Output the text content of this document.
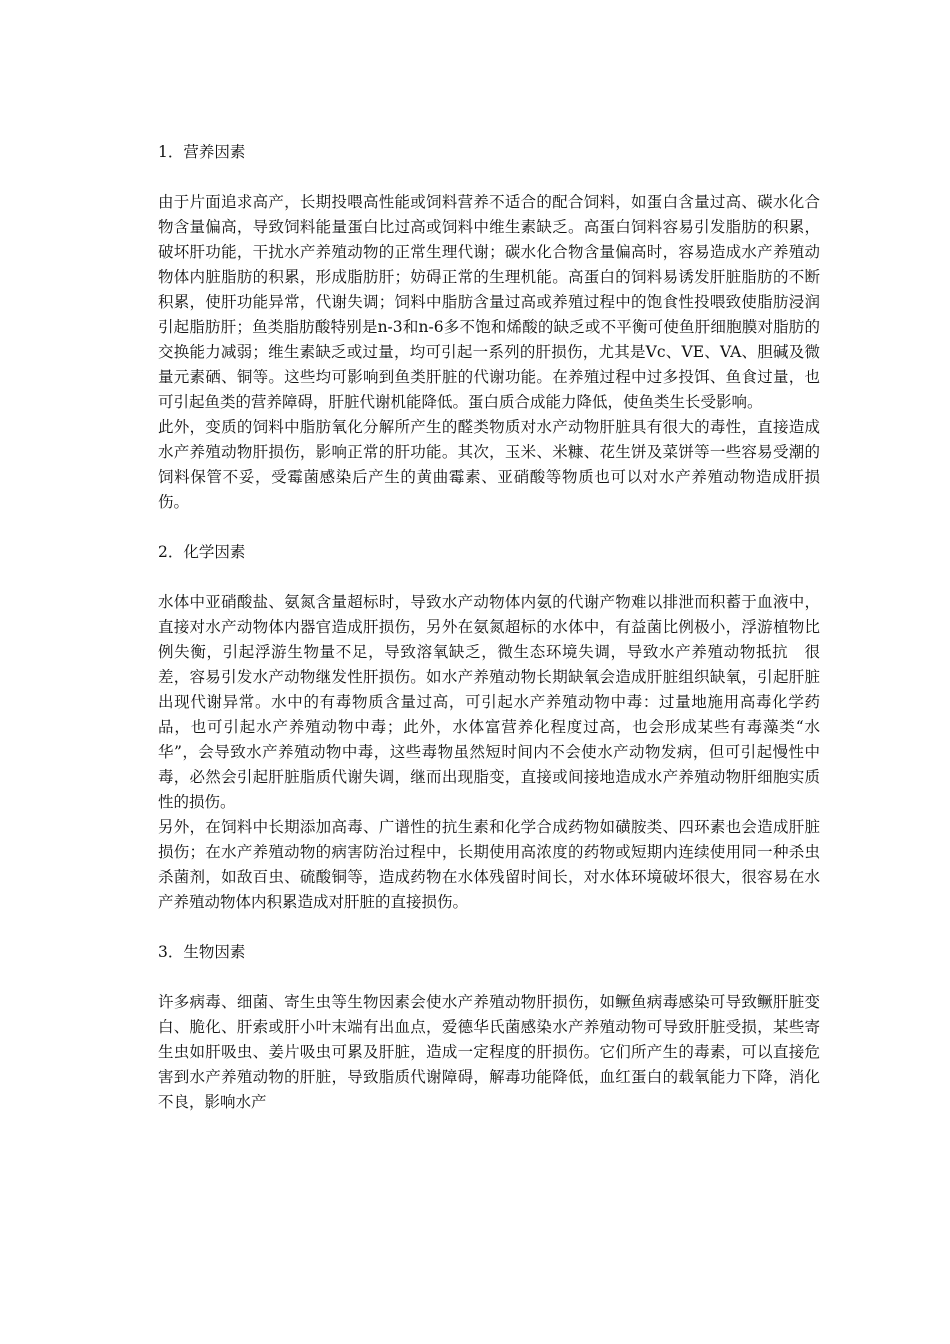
1．营养因素

由于片面追求高产，长期投喂高性能或饲料营养不适合的配合饲料，如蛋白含量过高、碳水化合物含量偏高，导致饲料能量蛋白比过高或饲料中维生素缺乏。高蛋白饲料容易引发脂肪的积累，破坏肝功能，干扰水产养殖动物的正常生理代谢；碳水化合物含量偏高时，容易造成水产养殖动物体内脏脂肪的积累，形成脂肪肝；妨碍正常的生理机能。高蛋白的饲料易诱发肝脏脂肪的不断积累，使肝功能异常，代谢失调；饲料中脂肪含量过高或养殖过程中的饱食性投喂致使脂肪浸润引起脂肪肝；鱼类脂肪酸特别是n-3和n-6多不饱和烯酸的缺乏或不平衡可使鱼肝细胞膜对脂肪的交换能力减弱；维生素缺乏或过量，均可引起一系列的肝损伤，尤其是Vc、VE、VA、胆碱及微量元素硒、铜等。这些均可影响到鱼类肝脏的代谢功能。在养殖过程中过多投饵、鱼食过量，也可引起鱼类的营养障碍，肝脏代谢机能降低。蛋白质合成能力降低，使鱼类生长受影响。

此外，变质的饲料中脂肪氧化分解所产生的醛类物质对水产动物肝脏具有很大的毒性，直接造成水产养殖动物肝损伤，影响正常的肝功能。其次，玉米、米糠、花生饼及菜饼等一些容易受潮的饲料保管不妥，受霉菌感染后产生的黄曲霉素、亚硝酸等物质也可以对水产养殖动物造成肝损伤。

2．化学因素

水体中亚硝酸盐、氨氮含量超标时，导致水产动物体内氨的代谢产物难以排泄而积蓄于血液中，直接对水产动物体内器官造成肝损伤，另外在氨氮超标的水体中，有益菌比例极小，浮游植物比例失衡，引起浮游生物量不足，导致溶氧缺乏，微生态环境失调，导致水产养殖动物抵抗　很差，容易引发水产动物继发性肝损伤。如水产养殖动物长期缺氧会造成肝脏组织缺氧，引起肝脏出现代谢异常。水中的有毒物质含量过高，可引起水产养殖动物中毒：过量地施用高毒化学药品，也可引起水产养殖动物中毒；此外，水体富营养化程度过高，也会形成某些有毒藻类“水华”，会导致水产养殖动物中毒，这些毒物虽然短时间内不会使水产动物发病，但可引起慢性中毒，必然会引起肝脏脂质代谢失调，继而出现脂变，直接或间接地造成水产养殖动物肝细胞实质性的损伤。

另外，在饲料中长期添加高毒、广谱性的抗生素和化学合成药物如磺胺类、四环素也会造成肝脏损伤；在水产养殖动物的病害防治过程中，长期使用高浓度的药物或短期内连续使用同一种杀虫杀菌剂，如敌百虫、硫酸铜等，造成药物在水体残留时间长，对水体环境破坏很大，很容易在水产养殖动物体内积累造成对肝脏的直接损伤。

3．生物因素

许多病毒、细菌、寄生虫等生物因素会使水产养殖动物肝损伤，如鳜鱼病毒感染可导致鳜肝脏变白、脆化、肝索或肝小叶末端有出血点，爱德华氏菌感染水产养殖动物可导致肝脏受损，某些寄生虫如肝吸虫、姜片吸虫可累及肝脏，造成一定程度的肝损伤。它们所产生的毒素，可以直接危害到水产养殖动物的肝脏，导致脂质代谢障碍，解毒功能降低，血红蛋白的载氧能力下降，消化不良，影响水产
